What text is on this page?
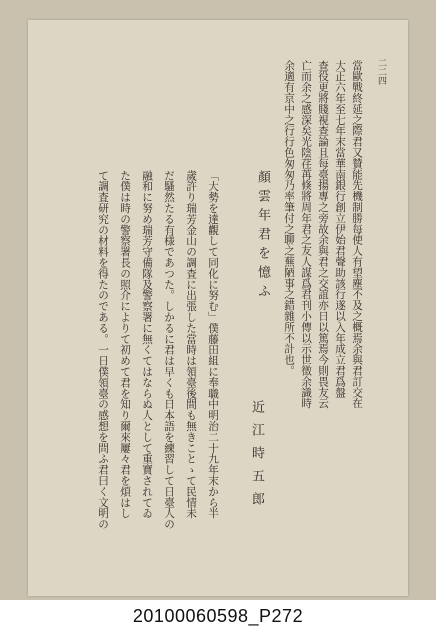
二二四
當歐戰終延之際君又贊能先機制勝每使人有望塵不及之概焉余與君訂交在
大正六年至七年末當華南銀行創立伊始君聲助該行遂以入年成立君爲盤
查役更將賤視查論且每臺揚專之旁故余與君之交誼亦日以篤焉今則畏友云
亡而余之感深矣光陰荏苒倏將周年君之友人謀爲君刊小傳以示世徵余識時
余適有京中之行行色匆匆乃率筆付之聊之蕪陋事之錯雜所不計也。
顏雲年君を憶ふ
近江時五郎
「大勢を達觀して同化に努む」僕藤田組に奉職中明治二十九年末から半
歲許り瑞芳金山の調査に出張した當時は領臺後間も無きことゝて民情未
だ騷然たる有様であつた。しかるに君は早くも日本語を練習して日臺人の
融和に努め瑞芳守備隊及警察署に無くてはならぬ人として重寶されてゐ
た僕は時の警察署長の照介によりて初めて君を知り爾來屢々君を煩はし
て調査研究の材料を得たのである。一日僕領臺の感想を問ふ君曰く文明の
20100060598_P272
